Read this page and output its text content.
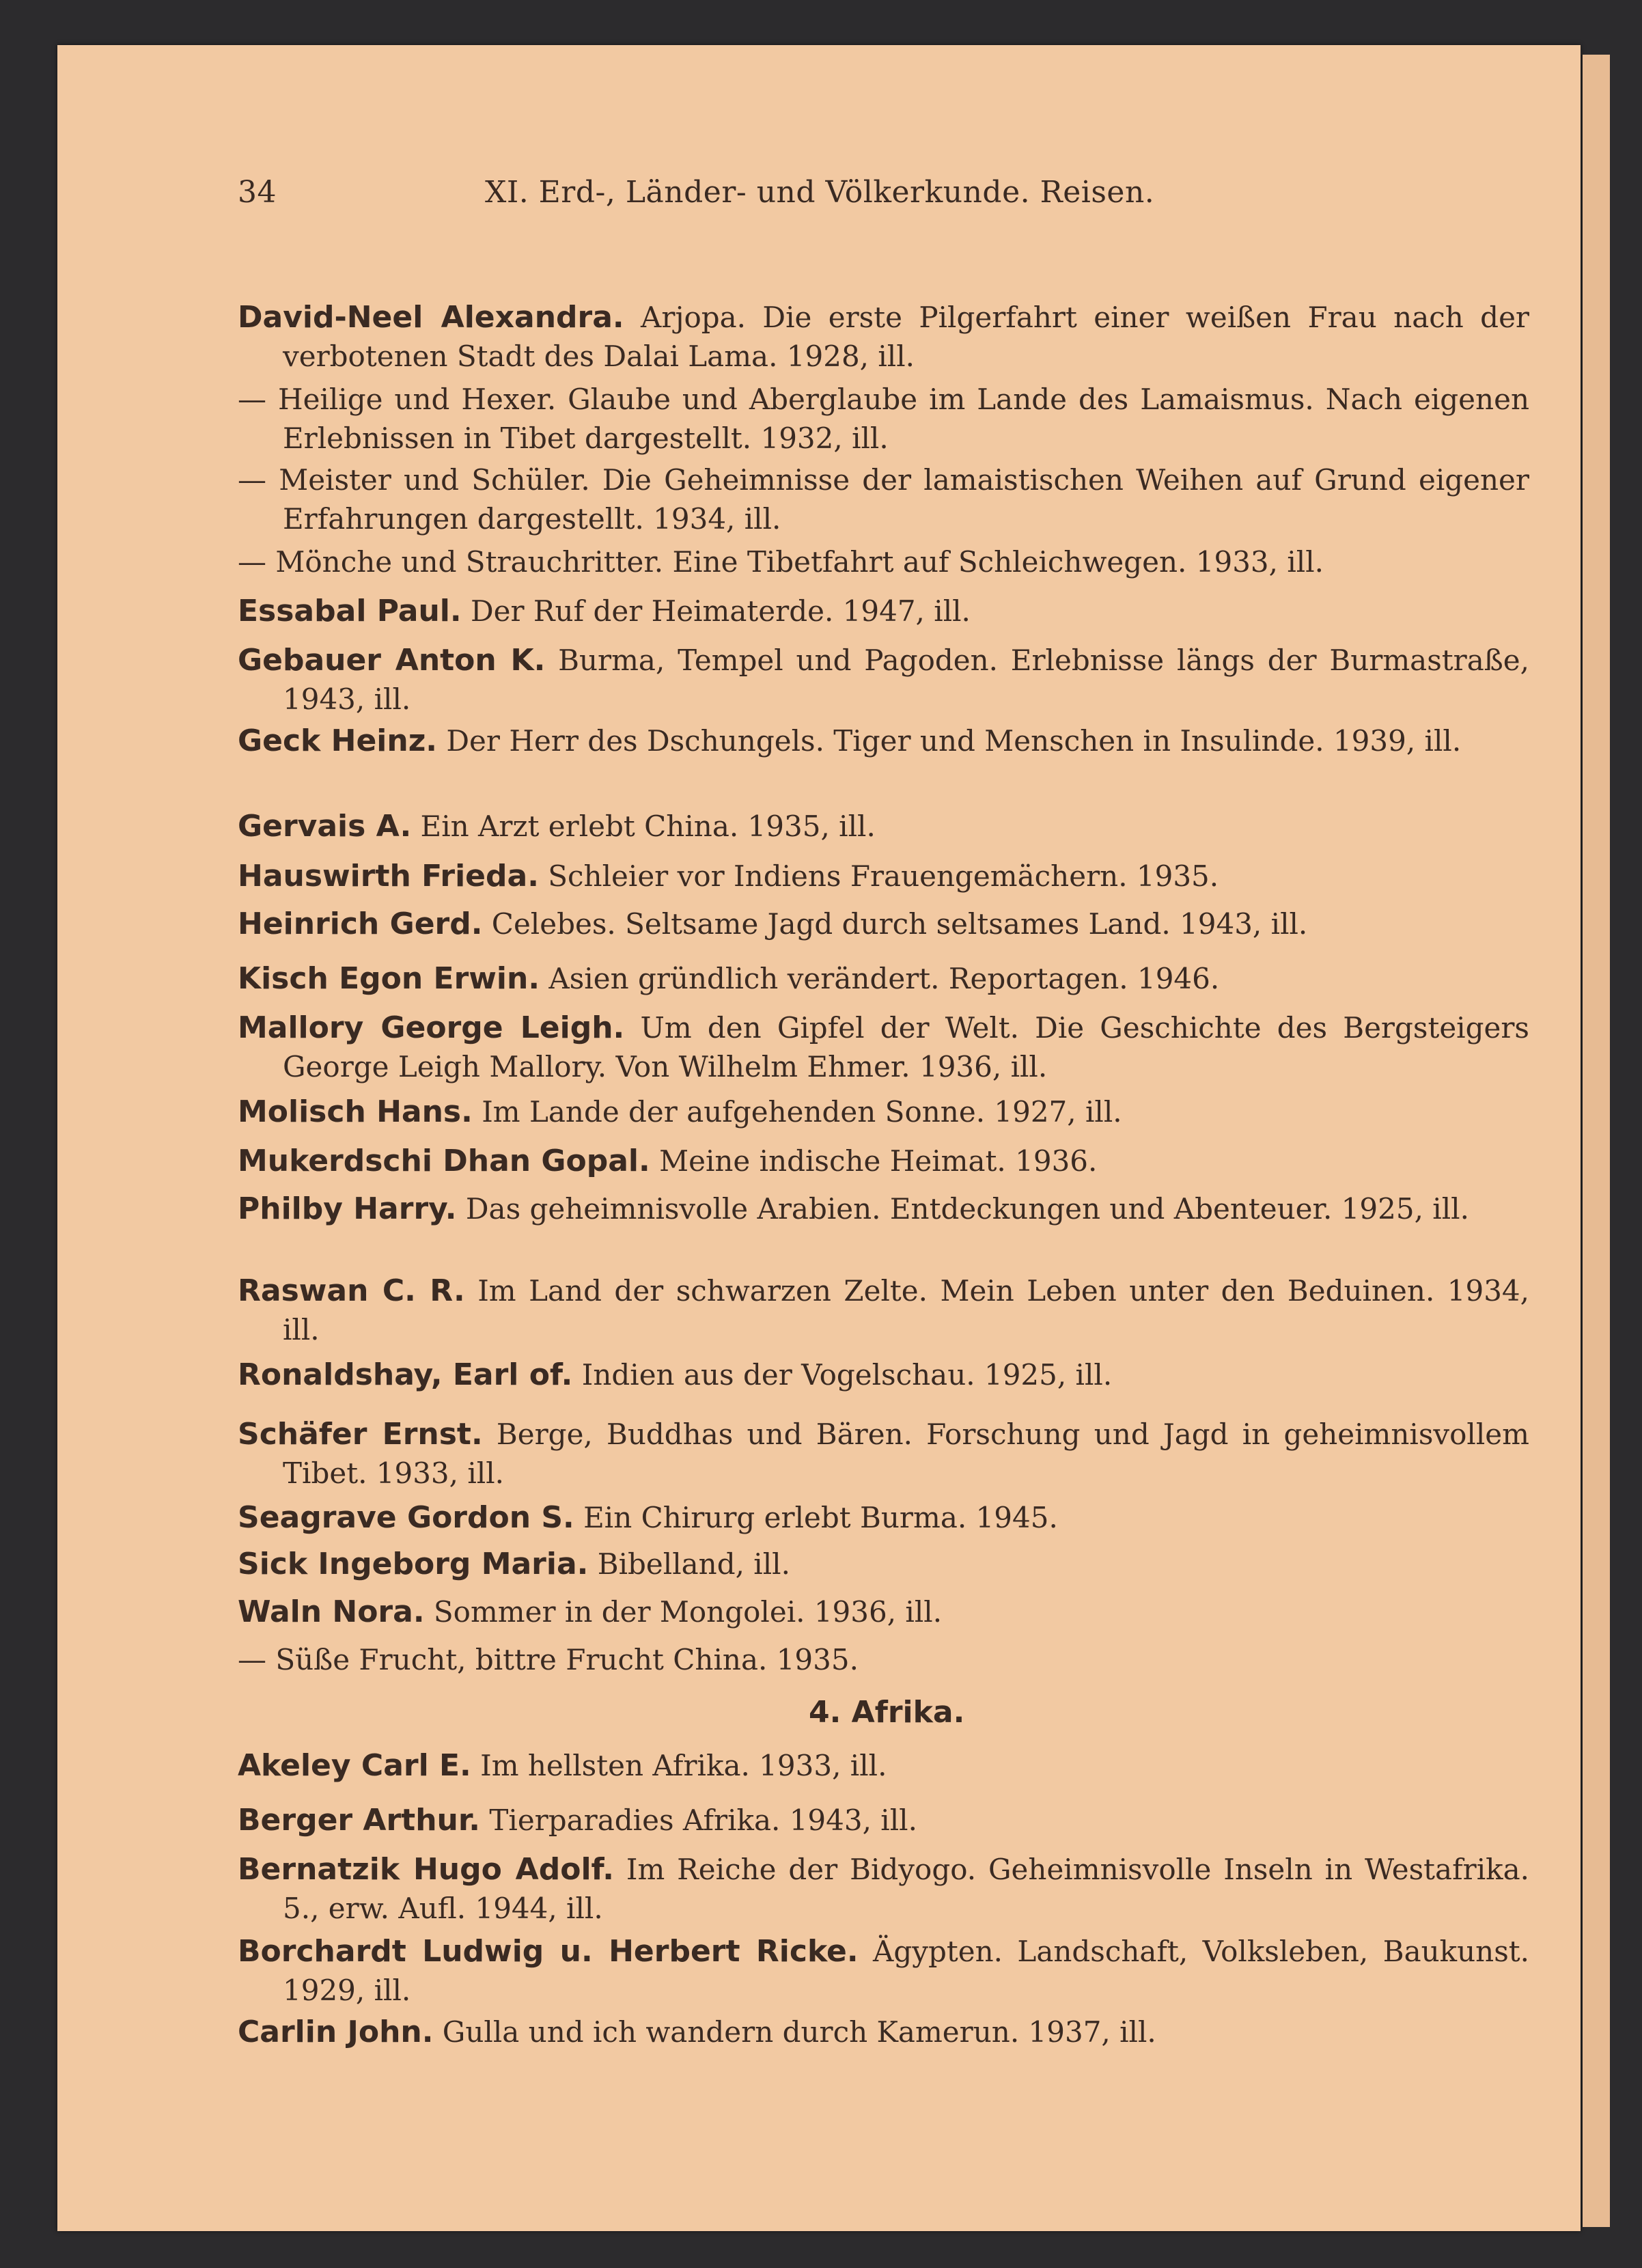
34	XI. Erd-, Länder- und Völkerkunde. Reisen.
David-Neel Alexandra. Arjopa. Die erste Pilgerfahrt einer weißen Frau nach der verbotenen Stadt des Dalai Lama. 1928, ill.
— Heilige und Hexer. Glaube und Aberglaube im Lande des Lamaismus. Nach eigenen Erlebnissen in Tibet dargestellt. 1932, ill.
— Meister und Schüler. Die Geheimnisse der lamaistischen Weihen auf Grund eigener Erfahrungen dargestellt. 1934, ill.
— Mönche und Strauchritter. Eine Tibetfahrt auf Schleichwegen. 1933, ill.
Essabal Paul. Der Ruf der Heimaterde. 1947, ill.
Gebauer Anton K. Burma, Tempel und Pagoden. Erlebnisse längs der Burmastraße, 1943, ill.
Geck Heinz. Der Herr des Dschungels. Tiger und Menschen in Insulinde. 1939, ill.
Gervais A. Ein Arzt erlebt China. 1935, ill.
Hauswirth Frieda. Schleier vor Indiens Frauengemächern. 1935.
Heinrich Gerd. Celebes. Seltsame Jagd durch seltsames Land. 1943, ill.
Kisch Egon Erwin. Asien gründlich verändert. Reportagen. 1946.
Mallory George Leigh. Um den Gipfel der Welt. Die Geschichte des Bergsteigers George Leigh Mallory. Von Wilhelm Ehmer. 1936, ill.
Molisch Hans. Im Lande der aufgehenden Sonne. 1927, ill.
Mukerdschi Dhan Gopal. Meine indische Heimat. 1936.
Philby Harry. Das geheimnisvolle Arabien. Entdeckungen und Abenteuer. 1925, ill.
Raswan C. R. Im Land der schwarzen Zelte. Mein Leben unter den Beduinen. 1934, ill.
Ronaldshay, Earl of. Indien aus der Vogelschau. 1925, ill.
Schäfer Ernst. Berge, Buddhas und Bären. Forschung und Jagd in geheimnisvollem Tibet. 1933, ill.
Seagrave Gordon S. Ein Chirurg erlebt Burma. 1945.
Sick Ingeborg Maria. Bibelland, ill.
Waln Nora. Sommer in der Mongolei. 1936, ill.
— Süße Frucht, bittre Frucht China. 1935.
4. Afrika.
Akeley Carl E. Im hellsten Afrika. 1933, ill.
Berger Arthur. Tierparadies Afrika. 1943, ill.
Bernatzik Hugo Adolf. Im Reiche der Bidyogo. Geheimnisvolle Inseln in Westafrika. 5., erw. Aufl. 1944, ill.
Borchardt Ludwig u. Herbert Ricke. Ägypten. Landschaft, Volksleben, Baukunst. 1929, ill.
Carlin John. Gulla und ich wandern durch Kamerun. 1937, ill.
